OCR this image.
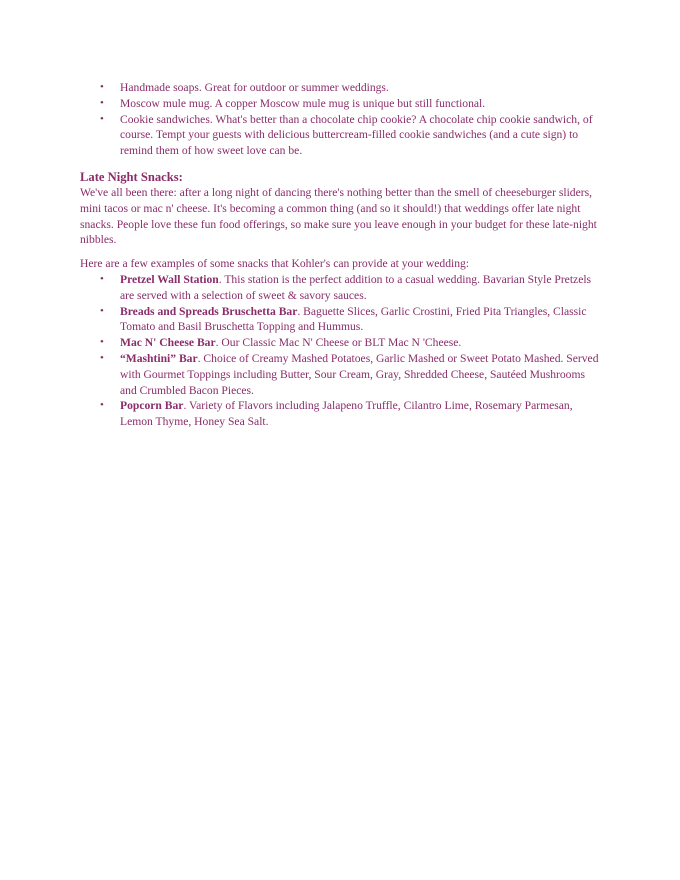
•	Handmade soaps. Great for outdoor or summer weddings.
•	Moscow mule mug. A copper Moscow mule mug is unique but still functional.
•	Cookie sandwiches. What's better than a chocolate chip cookie? A chocolate chip cookie sandwich, of course. Tempt your guests with delicious buttercream-filled cookie sandwiches (and a cute sign) to remind them of how sweet love can be.
Late Night Snacks:

We've all been there: after a long night of dancing there's nothing better than the smell of cheeseburger sliders, mini tacos or mac n' cheese. It's becoming a common thing (and so it should!) that weddings offer late night snacks. People love these fun food offerings, so make sure you leave enough in your budget for these late-night nibbles.

Here are a few examples of some snacks that Kohler's can provide at your wedding:

•	Pretzel Wall Station. This station is the perfect addition to a casual wedding. Bavarian Style Pretzels are served with a selection of sweet & savory sauces.
•	Breads and Spreads Bruschetta Bar. Baguette Slices, Garlic Crostini, Fried Pita Triangles, Classic Tomato and Basil Bruschetta Topping and Hummus.
•	Mac N' Cheese Bar. Our Classic Mac N' Cheese or BLT Mac N 'Cheese.
•	“Mashtini” Bar. Choice of Creamy Mashed Potatoes, Garlic Mashed or Sweet Potato Mashed. Served with Gourmet Toppings including Butter, Sour Cream, Gray, Shredded Cheese, Sautéed Mushrooms and Crumbled Bacon Pieces.
•	Popcorn Bar. Variety of Flavors including Jalapeno Truffle, Cilantro Lime, Rosemary Parmesan, Lemon Thyme, Honey Sea Salt.
